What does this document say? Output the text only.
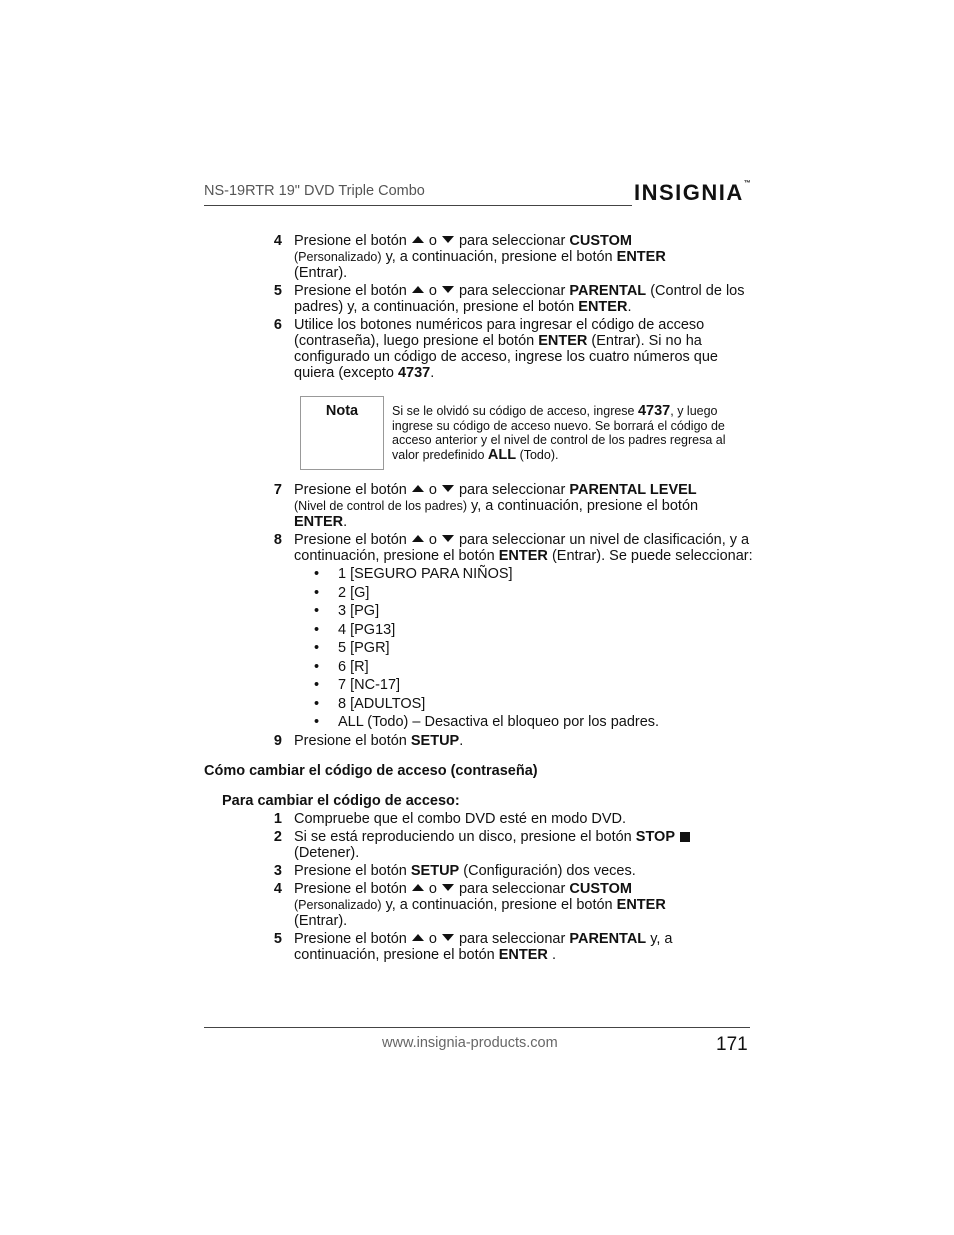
NS-19RTR 19" DVD Triple Combo	INSIGNIA™
4 Presione el botón o para seleccionar CUSTOM
(Personalizado) y, a continuación, presione el botón ENTER
(Entrar).
5 Presione el botón o para seleccionar PARENTAL (Control de los padres) y, a continuación, presione el botón ENTER.
6 Utilice los botones numéricos para ingresar el código de acceso (contraseña), luego presione el botón ENTER (Entrar). Si no ha configurado un código de acceso, ingrese los cuatro números que quiera (excepto 4737.
Nota	Si se le olvidó su código de acceso, ingrese 4737, y luego ingrese su código de acceso nuevo. Se borrará el código de acceso anterior y el nivel de control de los padres regresa al valor predefinido ALL (Todo).
7 Presione el botón o para seleccionar PARENTAL LEVEL
(Nivel de control de los padres) y, a continuación, presione el botón ENTER.
8 Presione el botón o para seleccionar un nivel de clasificación, y a continuación, presione el botón ENTER (Entrar). Se puede seleccionar:
•	1 [SEGURO PARA NIÑOS]
•	2 [G]
•	3 [PG]
•	4 [PG13]
•	5 [PGR]
•	6 [R]
•	7 [NC-17]
•	8 [ADULTOS]
•	ALL (Todo) – Desactiva el bloqueo por los padres.
9 Presione el botón SETUP.
Cómo cambiar el código de acceso (contraseña)
Para cambiar el código de acceso:
1 Compruebe que el combo DVD esté en modo DVD.
2 Si se está reproduciendo un disco, presione el botón STOP
(Detener).
3 Presione el botón SETUP (Configuración) dos veces.
4 Presione el botón o para seleccionar CUSTOM
(Personalizado) y, a continuación, presione el botón ENTER
(Entrar).
5 Presione el botón o para seleccionar PARENTAL y, a continuación, presione el botón ENTER .
www.insignia-products.com	171
